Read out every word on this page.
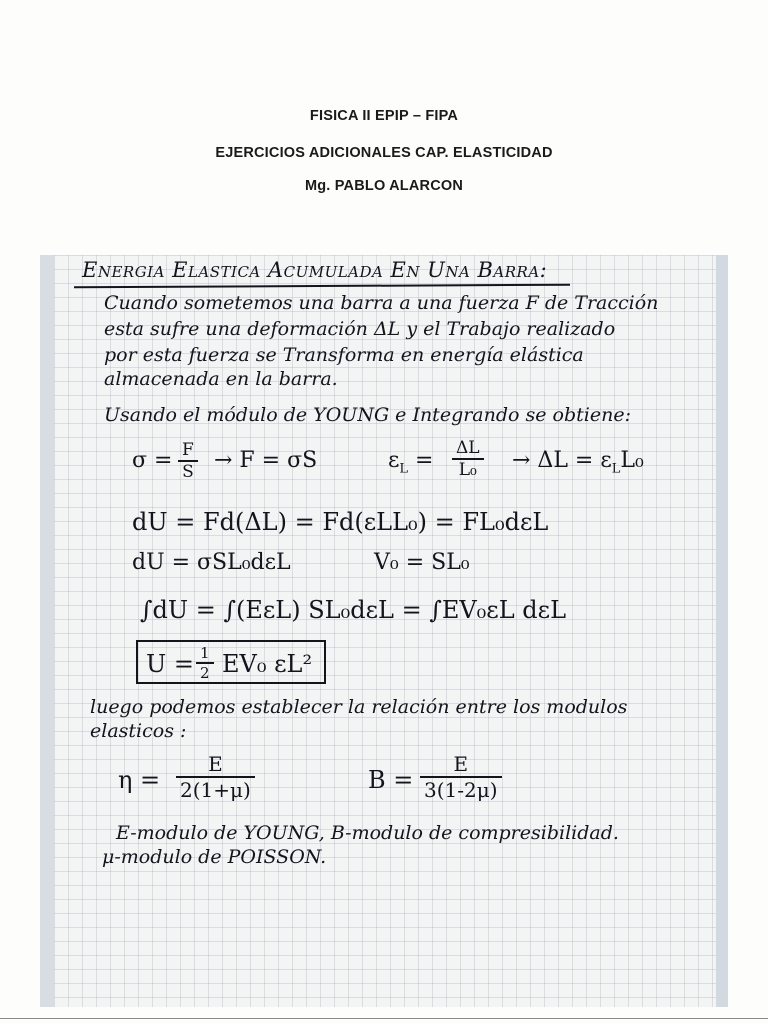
FISICA II EPIP – FIPA
EJERCICIOS ADICIONALES CAP. ELASTICIDAD
Mg. PABLO ALARCON
Energia Elastica Acumulada En Una Barra:
Cuando sometemos una barra a una fuerza F de Tracción
esta sufre una deformación ΔL y el Trabajo realizado
por esta fuerza se Transforma en energía elástica
almacenada en la barra.
Usando el módulo de YOUNG e Integrando se obtiene:
σ = F
S → F = σS	$\varepsilon_L = \Delta L$
$L_0 \to \Delta L = \varepsilon_LL_0$
dU = Fd(ΔL) = Fd(εLL₀) = FL₀dεL
dU = σSL₀dεL	V₀ = SL₀
∫dU = ∫(EεL) SL₀dεL = ∫EV₀εL dεL
U = 1
2 EV₀ εL²
luego podemos establecer la relación entre los modulos
elasticos :
η =
E
2(1+μ)	B =
E
3(1-2μ)
E-modulo de YOUNG, B-modulo de compresibilidad.
μ-modulo de POISSON.
